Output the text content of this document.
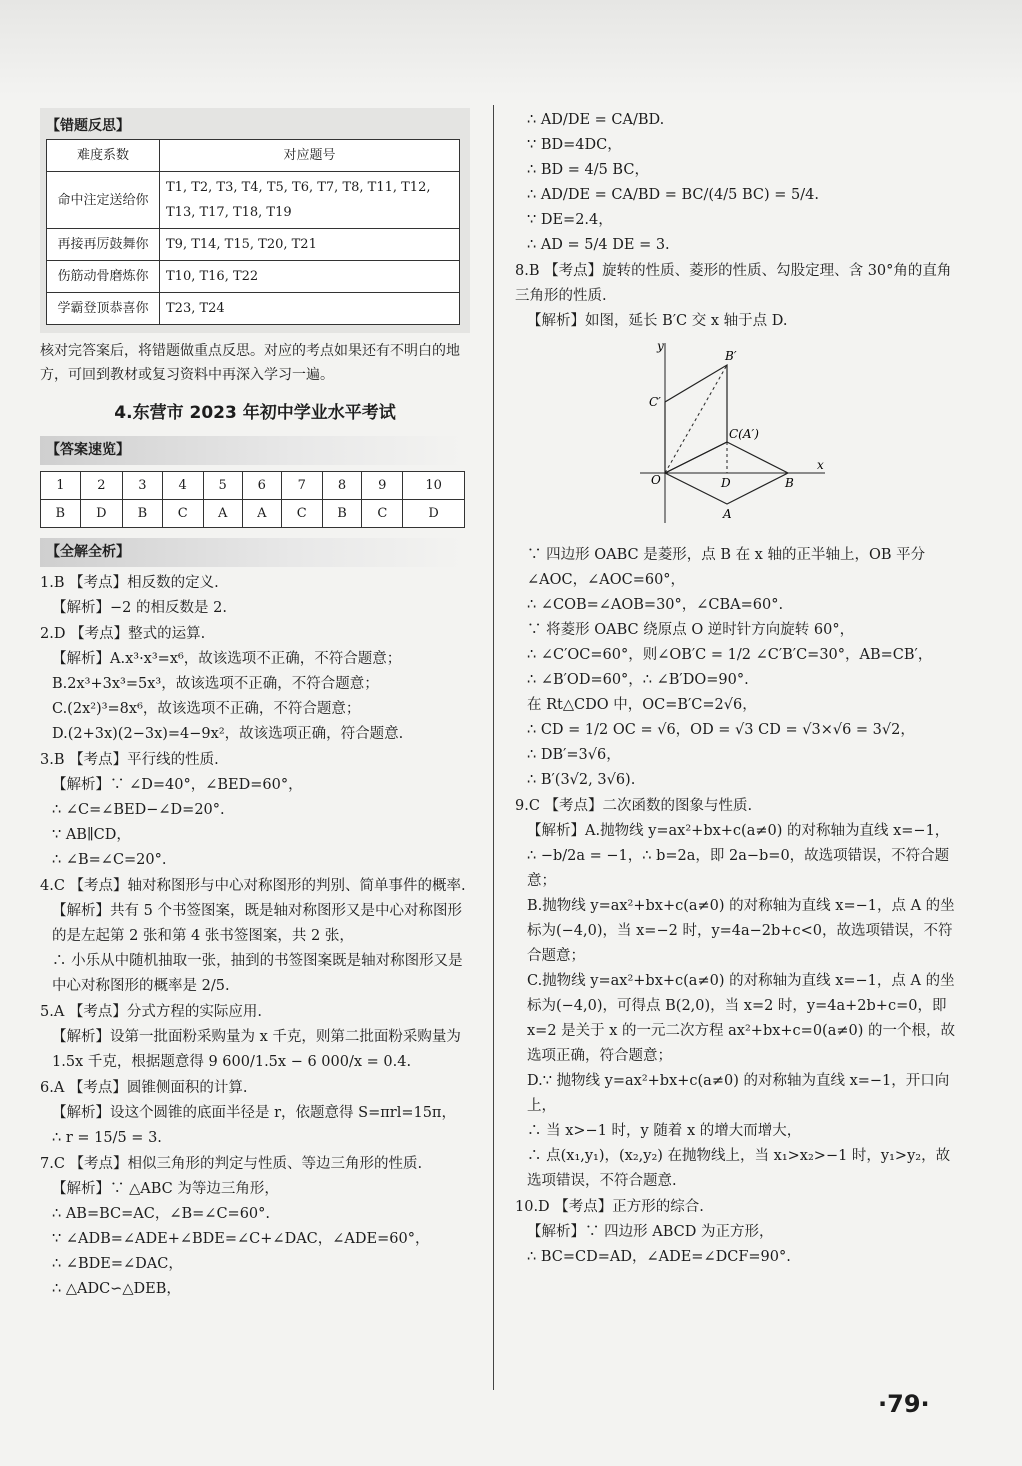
【错题反思】
难度系数	对应题号
命中注定送给你	T1, T2, T3, T4, T5, T6, T7, T8, T11, T12, T13, T17, T18, T19
再接再厉鼓舞你	T9, T14, T15, T20, T21
伤筋动骨磨炼你	T10, T16, T22
学霸登顶恭喜你	T23, T24
核对完答案后，将错题做重点反思。对应的考点如果还有不明白的地方，可回到教材或复习资料中再深入学习一遍。
4.东营市 2023 年初中学业水平考试
【答案速览】
1	2	3	4	5	6	7	8	9	10
B	D	B	C	A	A	C	B	C	D
【全解全析】
1.B 【考点】相反数的定义.
【解析】−2 的相反数是 2.
2.D 【考点】整式的运算.
【解析】A.x³·x³=x⁶，故该选项不正确，不符合题意；
B.2x³+3x³=5x³，故该选项不正确，不符合题意；
C.(2x²)³=8x⁶，故该选项不正确，不符合题意；
D.(2+3x)(2−3x)=4−9x²，故该选项正确，符合题意.
3.B 【考点】平行线的性质.
【解析】∵ ∠D=40°，∠BED=60°，
∴ ∠C=∠BED−∠D=20°.
∵ AB∥CD，
∴ ∠B=∠C=20°.
4.C 【考点】轴对称图形与中心对称图形的判别、简单事件的概率.
【解析】共有 5 个书签图案，既是轴对称图形又是中心对称图形的是左起第 2 张和第 4 张书签图案，共 2 张，
∴ 小乐从中随机抽取一张，抽到的书签图案既是轴对称图形又是中心对称图形的概率是 2/5.
5.A 【考点】分式方程的实际应用.
【解析】设第一批面粉采购量为 x 千克，则第二批面粉采购量为 1.5x 千克，根据题意得 9 600/1.5x − 6 000/x = 0.4.
6.A 【考点】圆锥侧面积的计算.
【解析】设这个圆锥的底面半径是 r，依题意得 S=πrl=15π，
∴ r = 15/5 = 3.
7.C 【考点】相似三角形的判定与性质、等边三角形的性质.
【解析】∵ △ABC 为等边三角形，
∴ AB=BC=AC，∠B=∠C=60°.
∵ ∠ADB=∠ADE+∠BDE=∠C+∠DAC，∠ADE=60°，
∴ ∠BDE=∠DAC，
∴ △ADC∽△DEB，
∴ AD/DE = CA/BD.
∵ BD=4DC，
∴ BD = 4/5 BC，
∴ AD/DE = CA/BD = BC/(4/5 BC) = 5/4.
∵ DE=2.4，
∴ AD = 5/4 DE = 3.
8.B 【考点】旋转的性质、菱形的性质、勾股定理、含 30°角的直角三角形的性质.
【解析】如图，延长 B′C 交 x 轴于点 D.
y
x
O	D	B
A
C(A′)
B′
C′
∵ 四边形 OABC 是菱形，点 B 在 x 轴的正半轴上，OB 平分∠AOC，∠AOC=60°，
∴ ∠COB=∠AOB=30°，∠CBA=60°.
∵ 将菱形 OABC 绕原点 O 逆时针方向旋转 60°，
∴ ∠C′OC=60°，则∠OB′C = 1/2 ∠C′B′C=30°，AB=CB′，
∴ ∠B′OD=60°，∴ ∠B′DO=90°.
在 Rt△CDO 中，OC=B′C=2√6，
∴ CD = 1/2 OC = √6，OD = √3 CD = √3×√6 = 3√2，
∴ DB′=3√6，
∴ B′(3√2, 3√6).
9.C 【考点】二次函数的图象与性质.
【解析】A.抛物线 y=ax²+bx+c(a≠0) 的对称轴为直线 x=−1，
∴ −b/2a = −1，∴ b=2a，即 2a−b=0，故选项错误，不符合题意；
B.抛物线 y=ax²+bx+c(a≠0) 的对称轴为直线 x=−1，点 A 的坐标为(−4,0)，当 x=−2 时，y=4a−2b+c<0，故选项错误，不符合题意；
C.抛物线 y=ax²+bx+c(a≠0) 的对称轴为直线 x=−1，点 A 的坐标为(−4,0)，可得点 B(2,0)，当 x=2 时，y=4a+2b+c=0，即 x=2 是关于 x 的一元二次方程 ax²+bx+c=0(a≠0) 的一个根，故选项正确，符合题意；
D.∵ 抛物线 y=ax²+bx+c(a≠0) 的对称轴为直线 x=−1，开口向上，
∴ 当 x>−1 时，y 随着 x 的增大而增大，
∴ 点(x₁,y₁)，(x₂,y₂) 在抛物线上，当 x₁>x₂>−1 时，y₁>y₂，故选项错误，不符合题意.
10.D 【考点】正方形的综合.
【解析】∵ 四边形 ABCD 为正方形，
∴ BC=CD=AD，∠ADE=∠DCF=90°.
·79·
